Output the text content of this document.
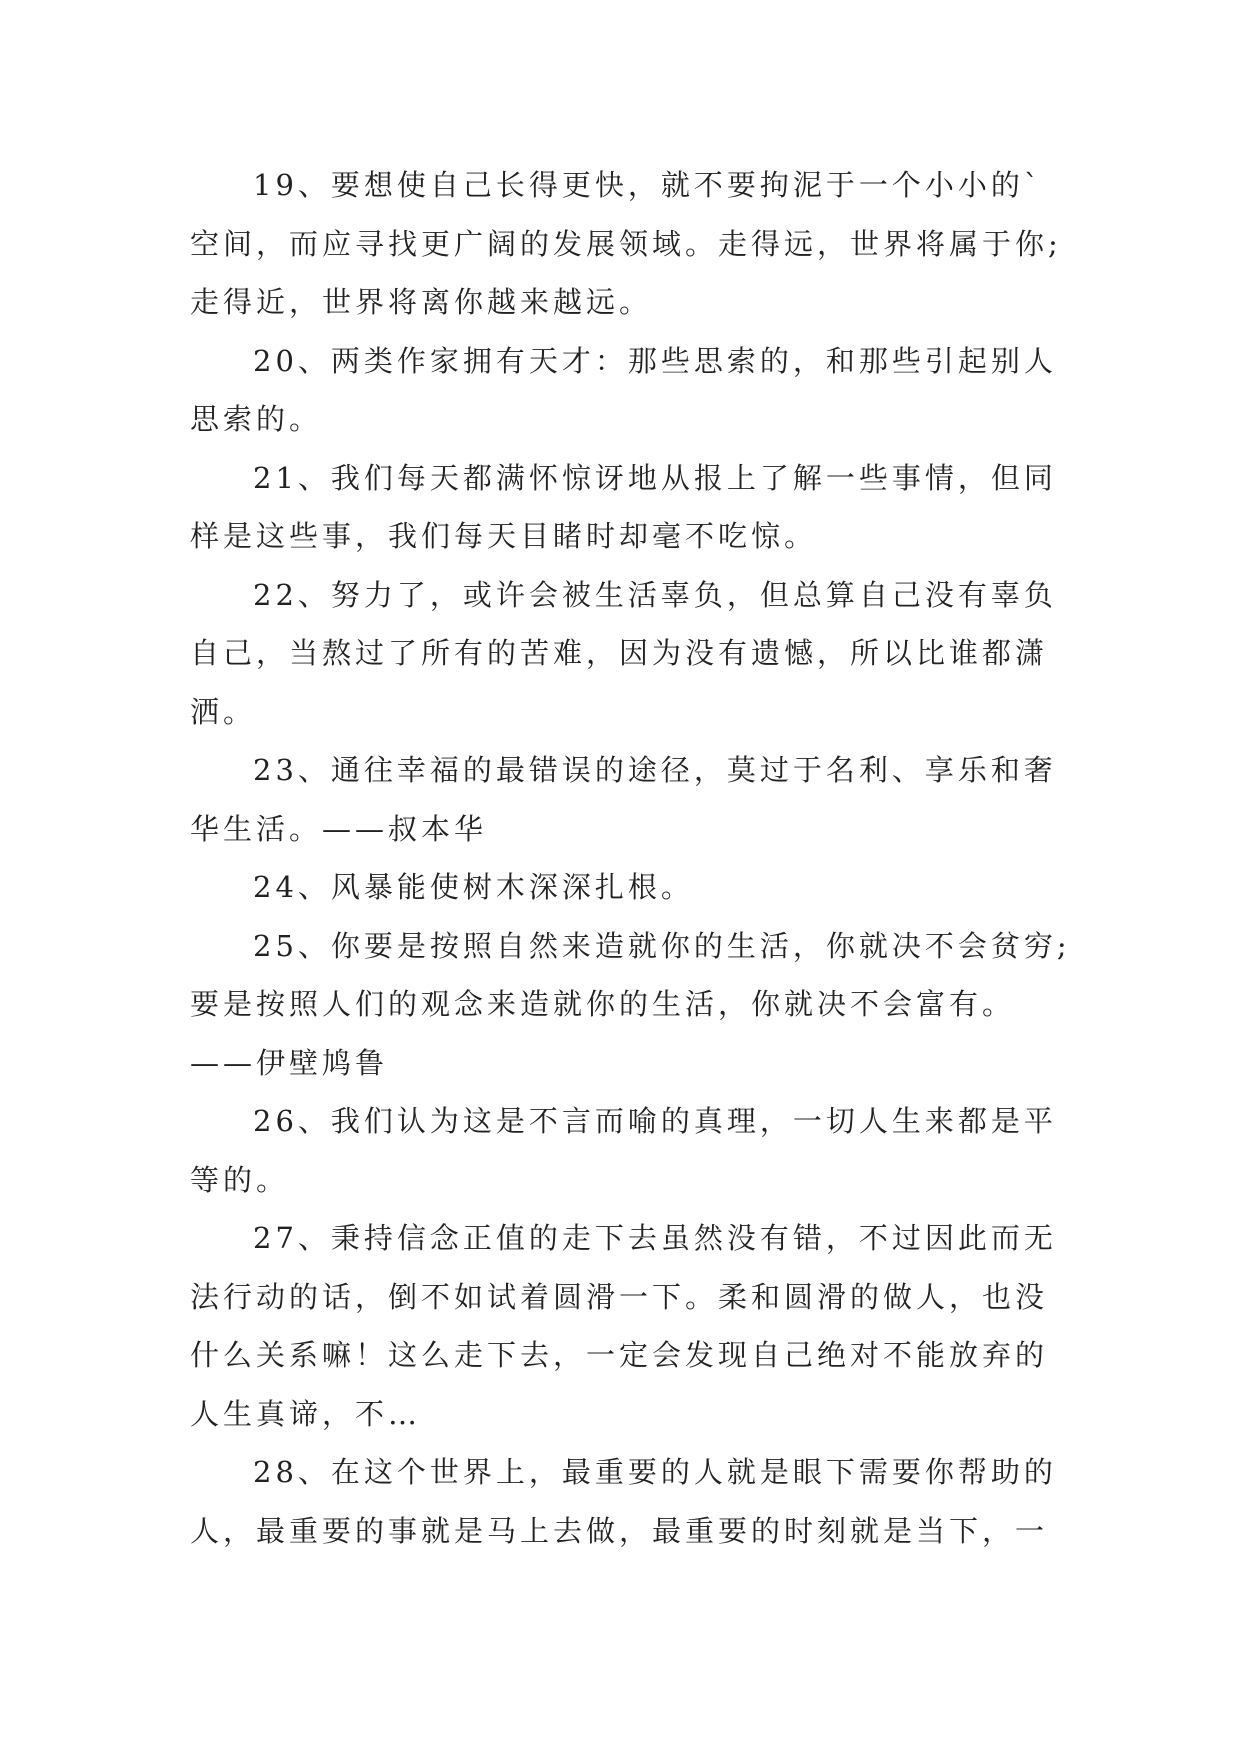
19、要想使自己长得更快，就不要拘泥于一个小小的`
空间，而应寻找更广阔的发展领域。走得远，世界将属于你;
走得近，世界将离你越来越远。
20、两类作家拥有天才：那些思索的，和那些引起别人
思索的。
21、我们每天都满怀惊讶地从报上了解一些事情，但同
样是这些事，我们每天目睹时却毫不吃惊。
22、努力了，或许会被生活辜负，但总算自己没有辜负
自己，当熬过了所有的苦难，因为没有遗憾，所以比谁都潇
洒。
23、通往幸福的最错误的途径，莫过于名利、享乐和奢
华生活。——叔本华
24、风暴能使树木深深扎根。
25、你要是按照自然来造就你的生活，你就决不会贫穷;
要是按照人们的观念来造就你的生活，你就决不会富有。
——伊壁鸠鲁
26、我们认为这是不言而喻的真理，一切人生来都是平
等的。
27、秉持信念正值的走下去虽然没有错，不过因此而无
法行动的话，倒不如试着圆滑一下。柔和圆滑的做人，也没
什么关系嘛！这么走下去，一定会发现自己绝对不能放弃的
人生真谛，不…
28、在这个世界上，最重要的人就是眼下需要你帮助的
人，最重要的事就是马上去做，最重要的时刻就是当下，一
